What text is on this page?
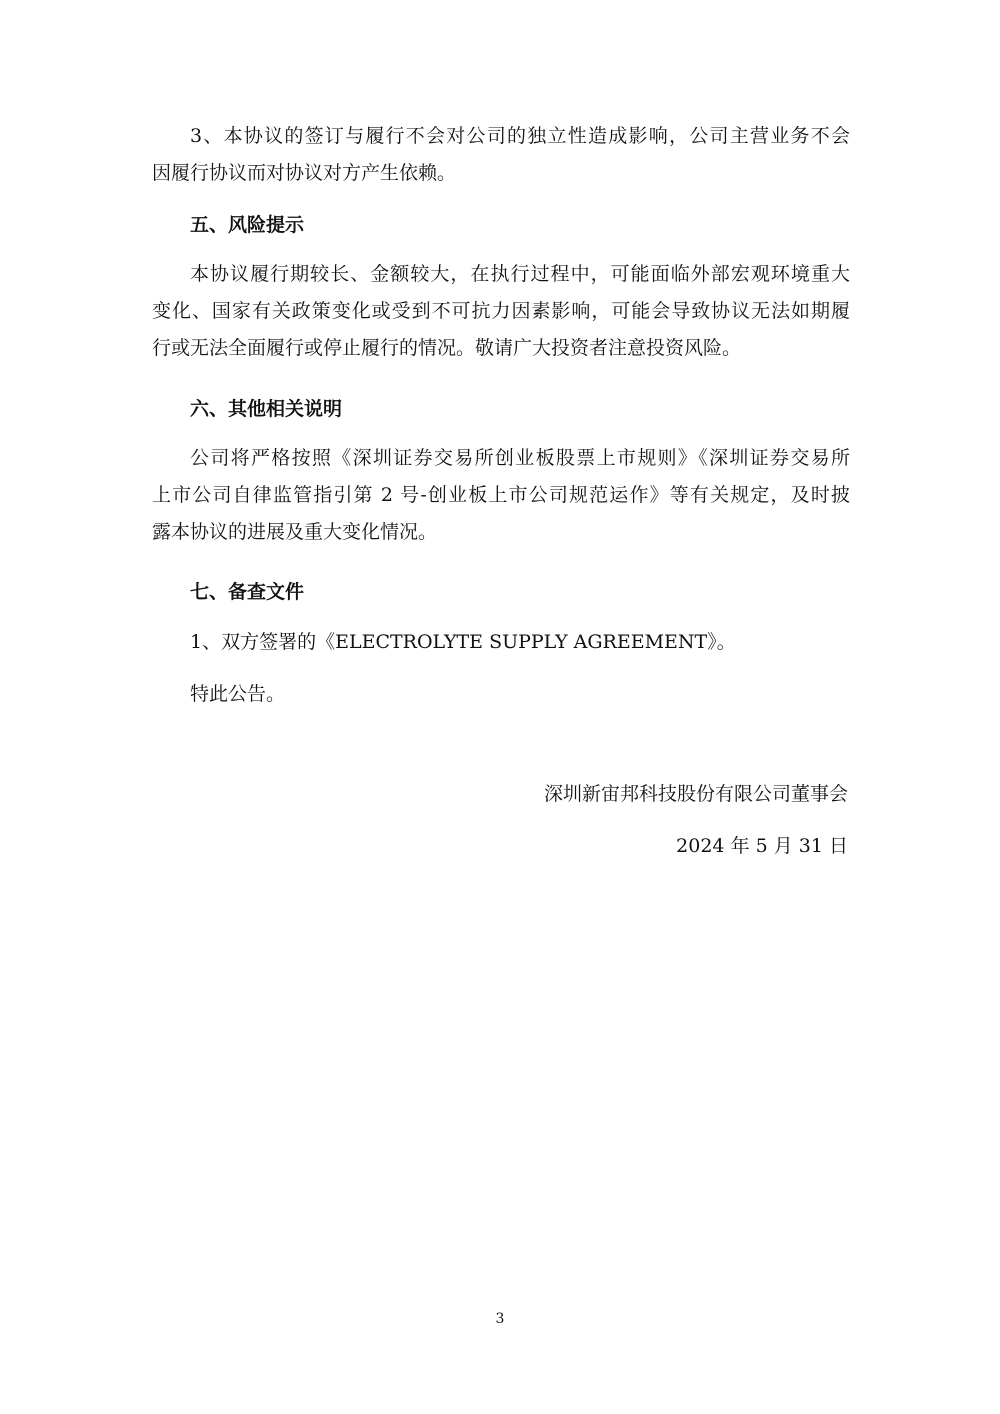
3、本协议的签订与履行不会对公司的独立性造成影响，公司主营业务不会
因履行协议而对协议对方产生依赖。
五、风险提示
本协议履行期较长、金额较大，在执行过程中，可能面临外部宏观环境重大
变化、国家有关政策变化或受到不可抗力因素影响，可能会导致协议无法如期履
行或无法全面履行或停止履行的情况。敬请广大投资者注意投资风险。
六、其他相关说明
公司将严格按照《深圳证券交易所创业板股票上市规则》《深圳证券交易所
上市公司自律监管指引第 2 号-创业板上市公司规范运作》等有关规定，及时披
露本协议的进展及重大变化情况。
七、备查文件
1、双方签署的《ELECTROLYTE SUPPLY AGREEMENT》。
特此公告。
深圳新宙邦科技股份有限公司董事会
2024 年 5 月 31 日
3
